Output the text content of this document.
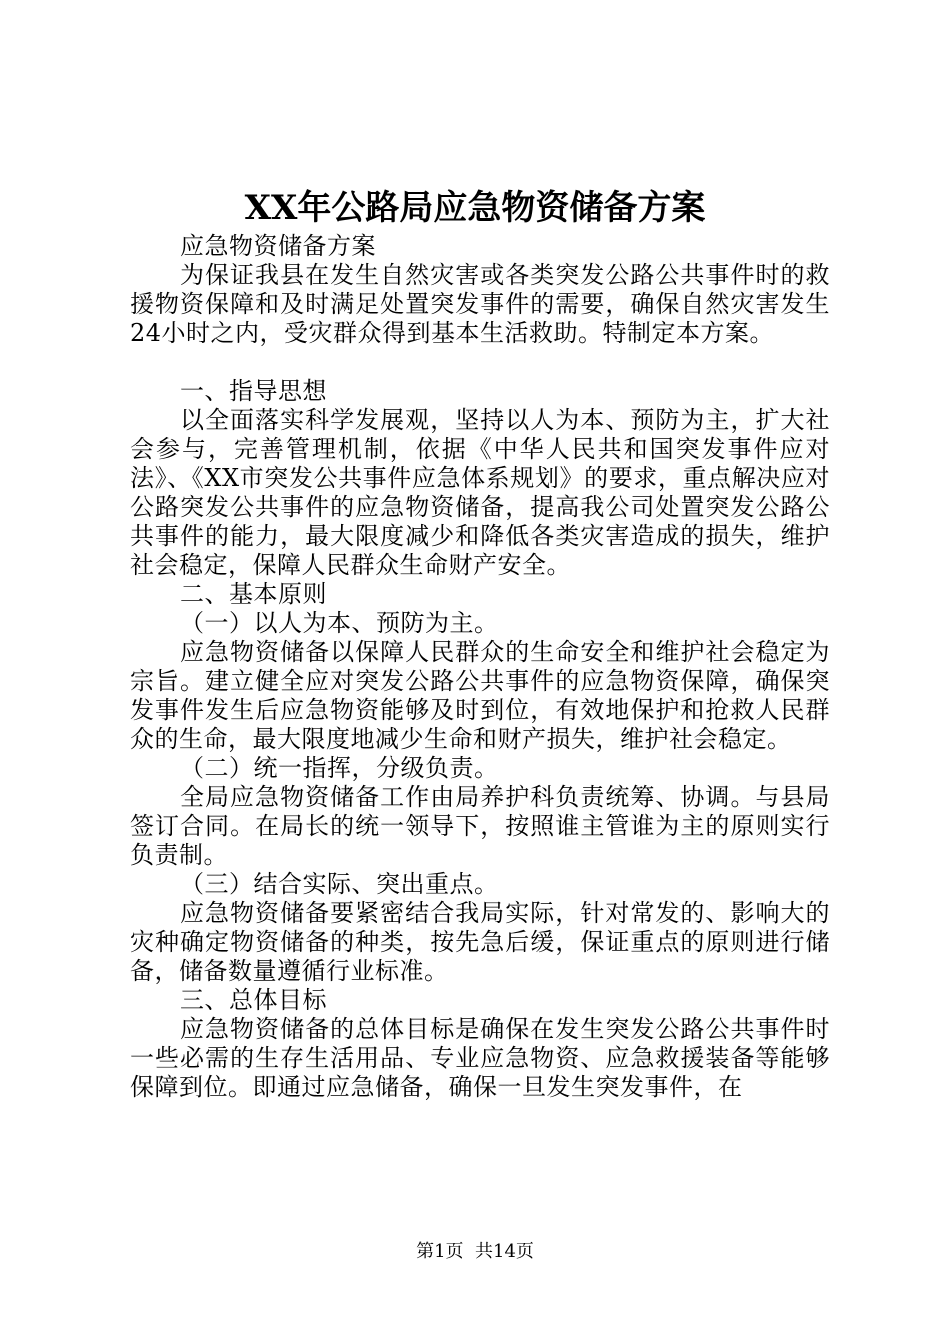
XX年公路局应急物资储备方案

应急物资储备方案

为保证我县在发生自然灾害或各类突发公路公共事件时的救援物资保障和及时满足处置突发事件的需要，确保自然灾害发生24小时之内，受灾群众得到基本生活救助。特制定本方案。

一、指导思想

以全面落实科学发展观，坚持以人为本、预防为主，扩大社会参与，完善管理机制，依据《中华人民共和国突发事件应对法》、《XX市突发公共事件应急体系规划》的要求，重点解决应对公路突发公共事件的应急物资储备，提高我公司处置突发公路公共事件的能力，最大限度减少和降低各类灾害造成的损失，维护社会稳定，保障人民群众生命财产安全。

二、基本原则

（一）以人为本、预防为主。

应急物资储备以保障人民群众的生命安全和维护社会稳定为宗旨。建立健全应对突发公路公共事件的应急物资保障，确保突发事件发生后应急物资能够及时到位，有效地保护和抢救人民群众的生命，最大限度地减少生命和财产损失，维护社会稳定。

（二）统一指挥，分级负责。

全局应急物资储备工作由局养护科负责统筹、协调。与县局签订合同。在局长的统一领导下，按照谁主管谁为主的原则实行负责制。

（三）结合实际、突出重点。

应急物资储备要紧密结合我局实际，针对常发的、影响大的灾种确定物资储备的种类，按先急后缓，保证重点的原则进行储备，储备数量遵循行业标准。

三、总体目标

应急物资储备的总体目标是确保在发生突发公路公共事件时一些必需的生存生活用品、专业应急物资、应急救援装备等能够保障到位。即通过应急储备，确保一旦发生突发事件，在

第1页  共14页
